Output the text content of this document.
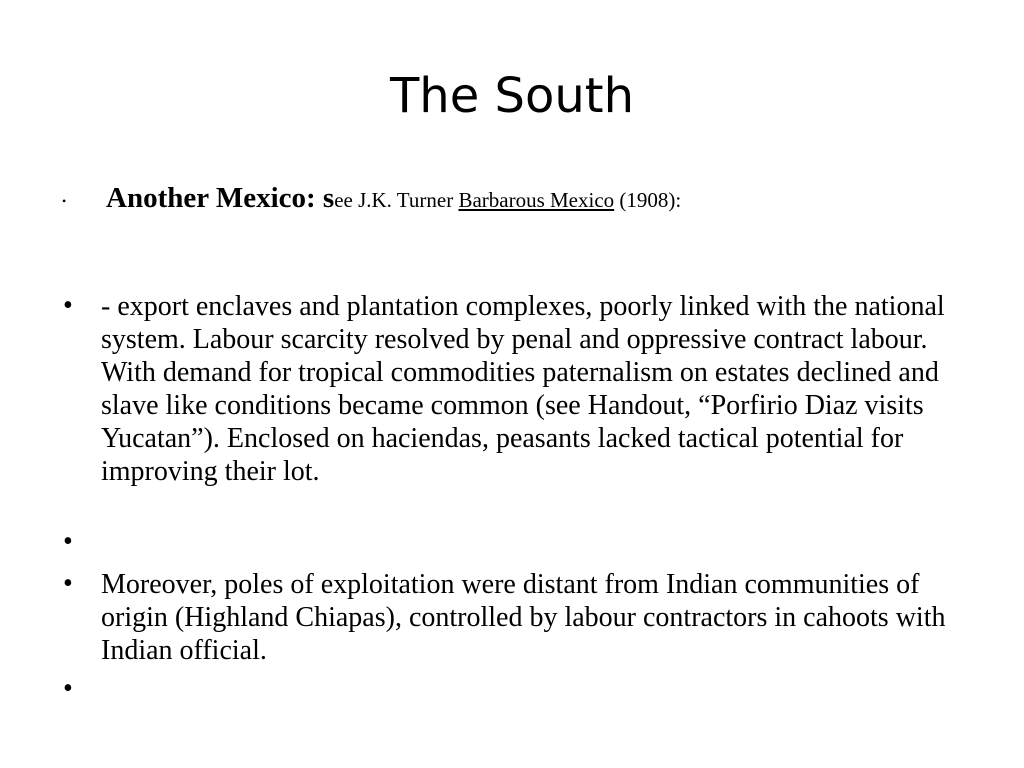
The South
• Another Mexico: see J.K. Turner Barbarous Mexico (1908):
• - export enclaves and plantation complexes, poorly linked with the national system. Labour scarcity resolved by penal and oppressive contract labour. With demand for tropical commodities paternalism on estates declined and slave like conditions became common (see Handout, “Porfirio Diaz visits Yucatan”). Enclosed on haciendas, peasants lacked tactical potential for improving their lot.
•
• Moreover, poles of exploitation were distant from Indian communities of origin (Highland Chiapas), controlled by labour contractors in cahoots with Indian official.
•
